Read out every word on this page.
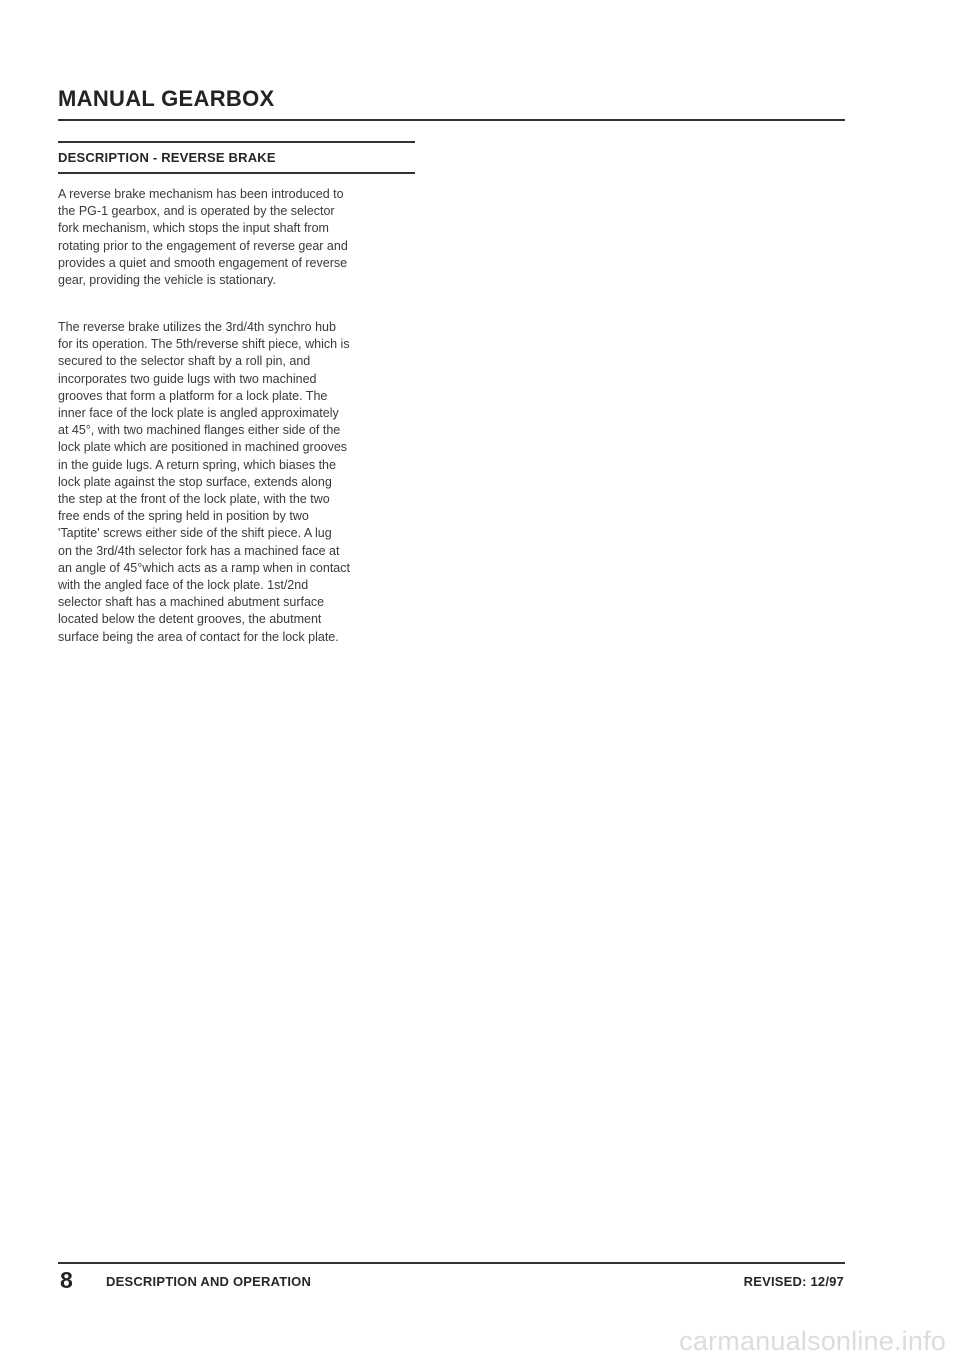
MANUAL GEARBOX
DESCRIPTION - REVERSE BRAKE

A reverse brake mechanism has been introduced to
the PG-1 gearbox, and is operated by the selector
fork mechanism, which stops the input shaft from
rotating prior to the engagement of reverse gear and
provides a quiet and smooth engagement of reverse
gear, providing the vehicle is stationary.

The reverse brake utilizes the 3rd/4th synchro hub
for its operation. The 5th/reverse shift piece, which is
secured to the selector shaft by a roll pin, and
incorporates two guide lugs with two machined
grooves that form a platform for a lock plate. The
inner face of the lock plate is angled approximately
at 45°, with two machined flanges either side of the
lock plate which are positioned in machined grooves
in the guide lugs. A return spring, which biases the
lock plate against the stop surface, extends along
the step at the front of the lock plate, with the two
free ends of the spring held in position by two
'Taptite' screws either side of the shift piece. A lug
on the 3rd/4th selector fork has a machined face at
an angle of 45°which acts as a ramp when in contact
with the angled face of the lock plate. 1st/2nd
selector shaft has a machined abutment surface
located below the detent grooves, the abutment
surface being the area of contact for the lock plate.

8	DESCRIPTION AND OPERATION	REVISED: 12/97
carmanualsonline.info
